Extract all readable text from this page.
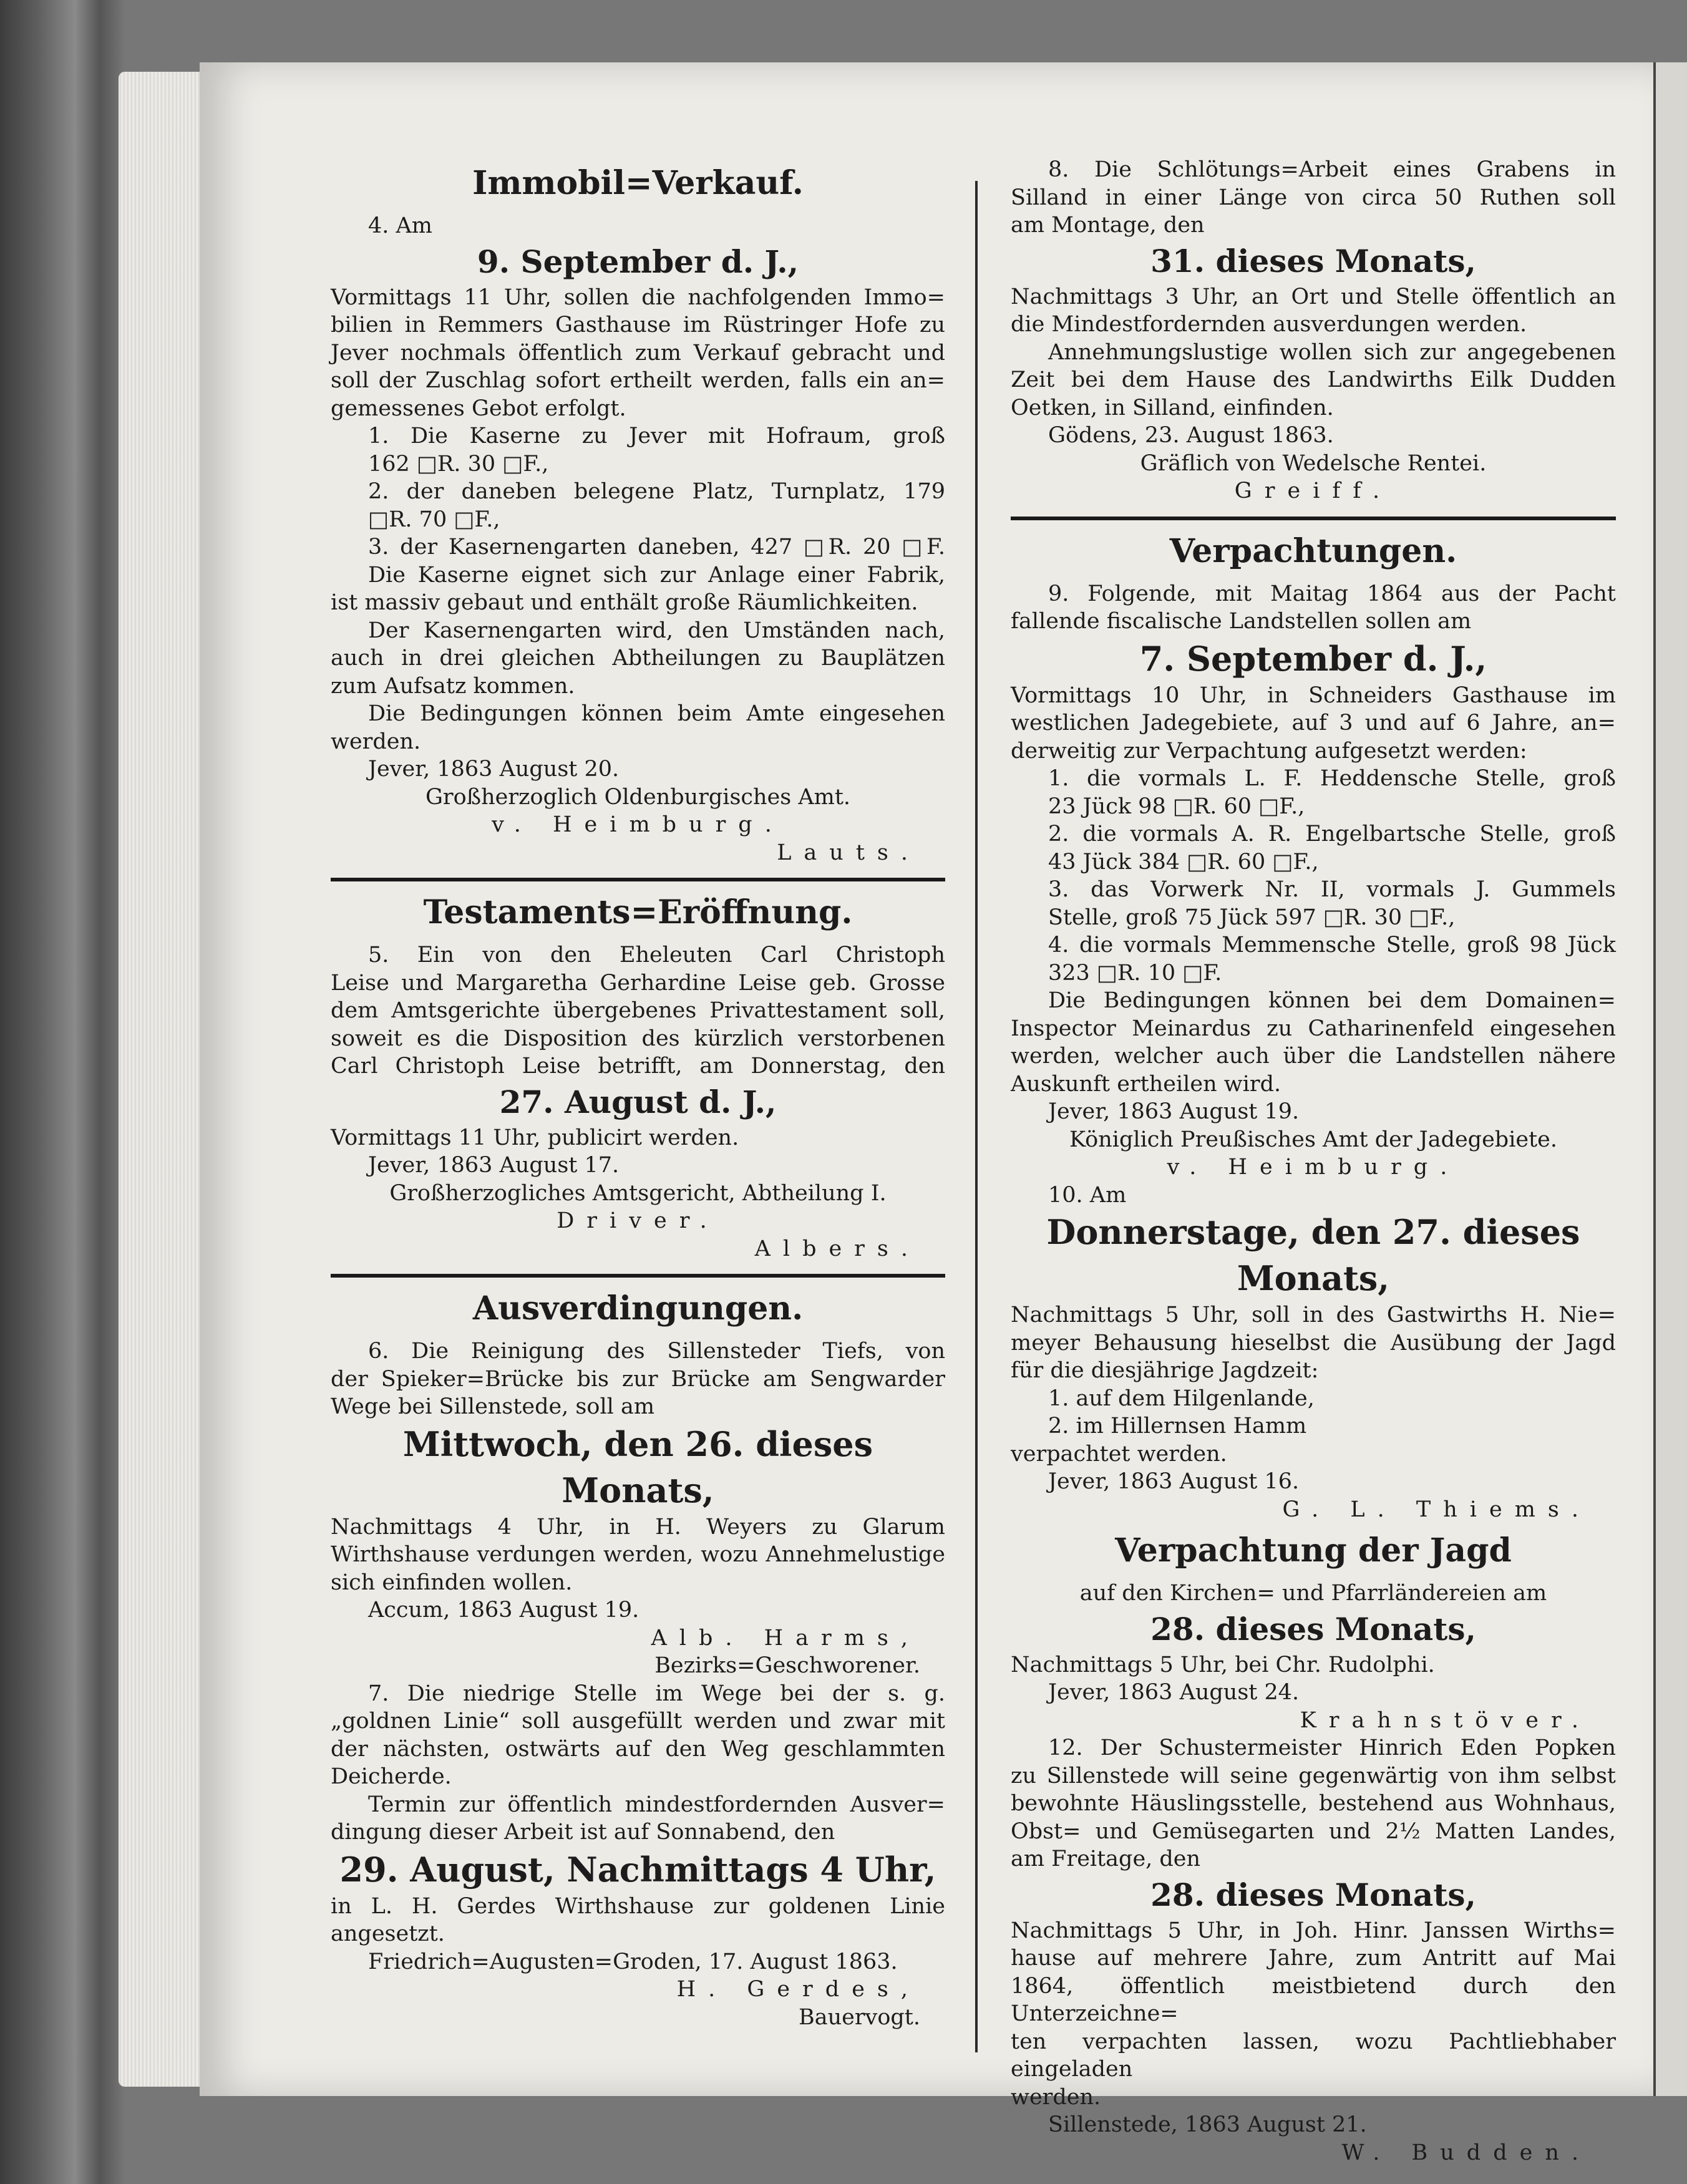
Immobil=Verkauf.

4. Am

9. September d. J.,

Vormittags 11 Uhr, sollen die nachfolgenden Immo=

bilien in Remmers Gasthause im Rüstringer Hofe zu

Jever nochmals öffentlich zum Verkauf gebracht und

soll der Zuschlag sofort ertheilt werden, falls ein an=

gemessenes Gebot erfolgt.

1. Die Kaserne zu Jever mit Hofraum, groß

162 □R. 30 □F.,

2. der daneben belegene Platz, Turnplatz, 179

□R. 70 □F.,

3. der Kasernengarten daneben, 427 □R. 20 □F.

Die Kaserne eignet sich zur Anlage einer Fabrik,

ist massiv gebaut und enthält große Räumlichkeiten.

Der Kasernengarten wird, den Umständen nach,

auch in drei gleichen Abtheilungen zu Bauplätzen

zum Aufsatz kommen.

Die Bedingungen können beim Amte eingesehen

werden.

Jever, 1863 August 20.

Großherzoglich Oldenburgisches Amt.

v. Heimburg.

Lauts.

Testaments=Eröffnung.

5. Ein von den Eheleuten Carl Christoph

Leise und Margaretha Gerhardine Leise geb. Grosse

dem Amtsgerichte übergebenes Privattestament soll,

soweit es die Disposition des kürzlich verstorbenen

Carl Christoph Leise betrifft, am Donnerstag, den

27. August d. J.,

Vormittags 11 Uhr, publicirt werden.

Jever, 1863 August 17.

Großherzogliches Amtsgericht, Abtheilung I.

Driver.

Albers.

Ausverdingungen.

6. Die Reinigung des Sillensteder Tiefs, von

der Spieker=Brücke bis zur Brücke am Sengwarder

Wege bei Sillenstede, soll am

Mittwoch, den 26. dieses Monats,

Nachmittags 4 Uhr, in H. Weyers zu Glarum

Wirthshause verdungen werden, wozu Annehmelustige

sich einfinden wollen.

Accum, 1863 August 19.

Alb. Harms,

Bezirks=Geschworener.

7. Die niedrige Stelle im Wege bei der s. g.

„goldnen Linie“ soll ausgefüllt werden und zwar mit

der nächsten, ostwärts auf den Weg geschlammten

Deicherde.

Termin zur öffentlich mindestfordernden Ausver=

dingung dieser Arbeit ist auf Sonnabend, den

29. August, Nachmittags 4 Uhr,

in L. H. Gerdes Wirthshause zur goldenen Linie

angesetzt.

Friedrich=Augusten=Groden, 17. August 1863.

H. Gerdes,

Bauervogt.

8. Die Schlötungs=Arbeit eines Grabens in

Silland in einer Länge von circa 50 Ruthen soll

am Montage, den

31. dieses Monats,

Nachmittags 3 Uhr, an Ort und Stelle öffentlich an

die Mindestfordernden ausverdungen werden.

Annehmungslustige wollen sich zur angegebenen

Zeit bei dem Hause des Landwirths Eilk Dudden

Oetken, in Silland, einfinden.

Gödens, 23. August 1863.

Gräflich von Wedelsche Rentei.

Greiff.

Verpachtungen.

9. Folgende, mit Maitag 1864 aus der Pacht

fallende fiscalische Landstellen sollen am

7. September d. J.,

Vormittags 10 Uhr, in Schneiders Gasthause im

westlichen Jadegebiete, auf 3 und auf 6 Jahre, an=

derweitig zur Verpachtung aufgesetzt werden:

1. die vormals L. F. Heddensche Stelle, groß

23 Jück 98 □R. 60 □F.,

2. die vormals A. R. Engelbartsche Stelle, groß

43 Jück 384 □R. 60 □F.,

3. das Vorwerk Nr. II, vormals J. Gummels

Stelle, groß 75 Jück 597 □R. 30 □F.,

4. die vormals Memmensche Stelle, groß 98 Jück

323 □R. 10 □F.

Die Bedingungen können bei dem Domainen=

Inspector Meinardus zu Catharinenfeld eingesehen

werden, welcher auch über die Landstellen nähere

Auskunft ertheilen wird.

Jever, 1863 August 19.

Königlich Preußisches Amt der Jadegebiete.

v. Heimburg.

10. Am

Donnerstage, den 27. dieses Monats,

Nachmittags 5 Uhr, soll in des Gastwirths H. Nie=

meyer Behausung hieselbst die Ausübung der Jagd

für die diesjährige Jagdzeit:

1. auf dem Hilgenlande,

2. im Hillernsen Hamm

verpachtet werden.

Jever, 1863 August 16.

G. L. Thiems.

Verpachtung der Jagd

auf den Kirchen= und Pfarrländereien am

28. dieses Monats,

Nachmittags 5 Uhr, bei Chr. Rudolphi.

Jever, 1863 August 24.

Krahnstöver.

12. Der Schustermeister Hinrich Eden Popken

zu Sillenstede will seine gegenwärtig von ihm selbst

bewohnte Häuslingsstelle, bestehend aus Wohnhaus,

Obst= und Gemüsegarten und 2½ Matten Landes,

am Freitage, den

28. dieses Monats,

Nachmittags 5 Uhr, in Joh. Hinr. Janssen Wirths=

hause auf mehrere Jahre, zum Antritt auf Mai

1864, öffentlich meistbietend durch den Unterzeichne=

ten verpachten lassen, wozu Pachtliebhaber eingeladen

werden.

Sillenstede, 1863 August 21.

W. Budden.
